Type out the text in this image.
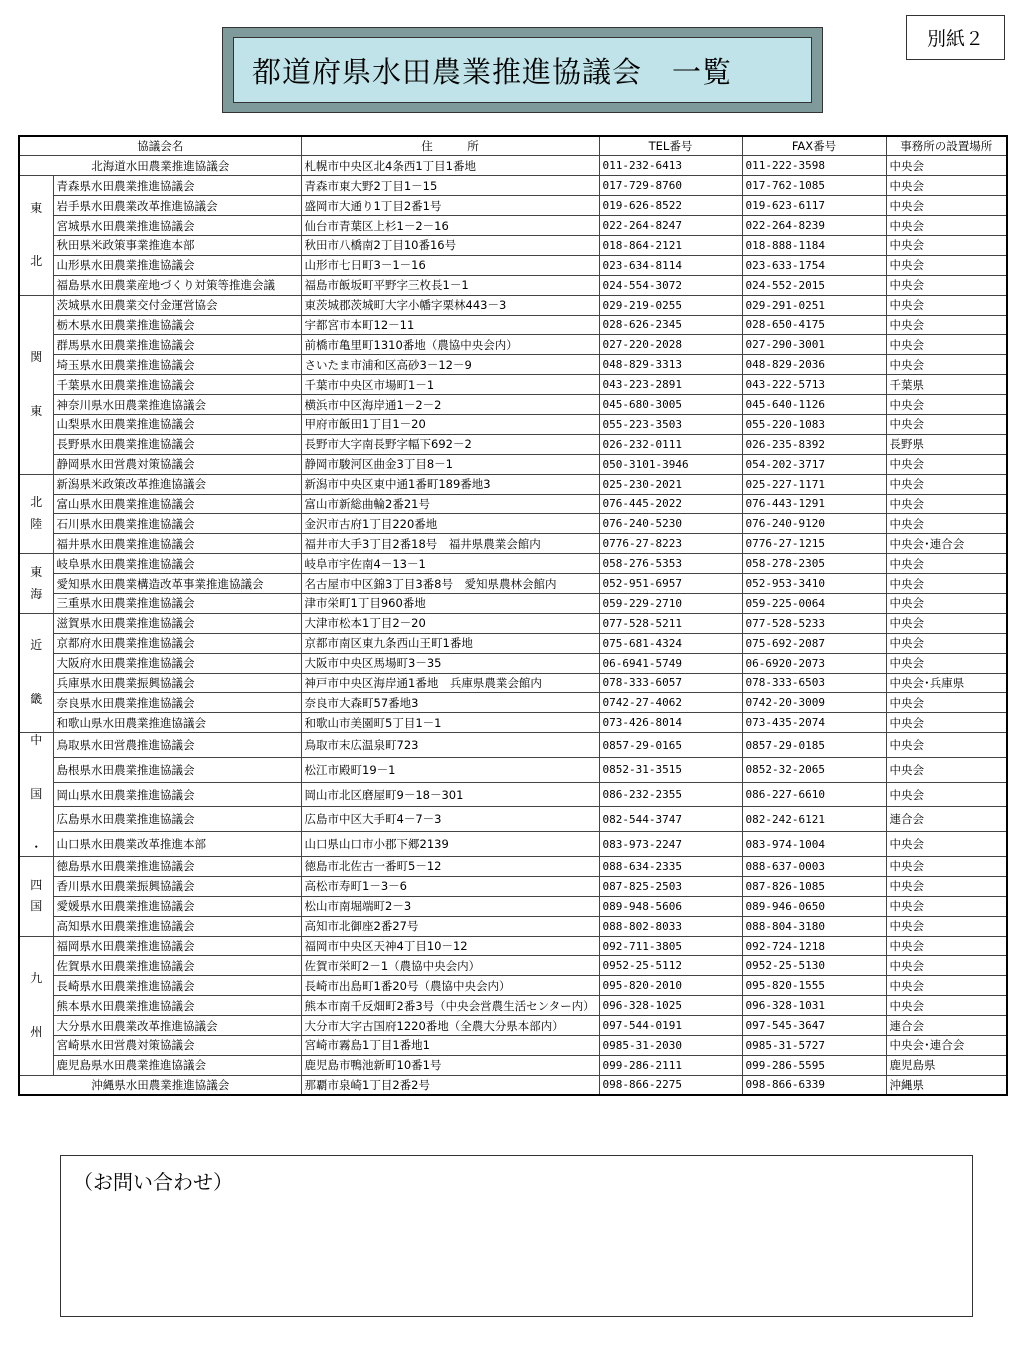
別紙２
都道府県水田農業推進協議会　一覧
協議会名		住　　　所	TEL番号	FAX番号	事務所の設置場所
北海道水田農業推進協議会		札幌市中央区北4条西1丁目1番地	011-232-6413	011-222-3598	中央会

東
北	青森県水田農業推進協議会	青森市東大野2丁目1－15	017-729-8760	017-762-1085	中央会
	岩手県水田農業改革推進協議会	盛岡市大通り1丁目2番1号	019-626-8522	019-623-6117	中央会
	宮城県水田農業推進協議会	仙台市青葉区上杉1－2－16	022-264-8247	022-264-8239	中央会
	秋田県米政策事業推進本部	秋田市八橋南2丁目10番16号	018-864-2121	018-888-1184	中央会
	山形県水田農業推進協議会	山形市七日町3－1－16	023-634-8114	023-633-1754	中央会
	福島県水田農業産地づくり対策等推進会議	福島市飯坂町平野字三枚長1－1	024-554-3072	024-552-2015	中央会

関
東	茨城県水田農業交付金運営協会	東茨城郡茨城町大字小幡字栗林443－3	029-219-0255	029-291-0251	中央会
	栃木県水田農業推進協議会	宇都宮市本町12－11	028-626-2345	028-650-4175	中央会
	群馬県水田農業推進協議会	前橋市亀里町1310番地（農協中央会内）	027-220-2028	027-290-3001	中央会
	埼玉県水田農業推進協議会	さいたま市浦和区高砂3－12－9	048-829-3313	048-829-2036	中央会
	千葉県水田農業推進協議会	千葉市中央区市場町1－1	043-223-2891	043-222-5713	千葉県
	神奈川県水田農業推進協議会	横浜市中区海岸通1－2－2	045-680-3005	045-640-1126	中央会
	山梨県水田農業推進協議会	甲府市飯田1丁目1－20	055-223-3503	055-220-1083	中央会
	長野県水田農業推進協議会	長野市大字南長野字幅下692－2	026-232-0111	026-235-8392	長野県
	静岡県水田営農対策協議会	静岡市駿河区曲金3丁目8－1	050-3101-3946	054-202-3717	中央会

北
陸	新潟県米政策改革推進協議会	新潟市中央区東中通1番町189番地3	025-230-2021	025-227-1171	中央会
	富山県水田農業推進協議会	富山市新総曲輪2番21号	076-445-2022	076-443-1291	中央会
	石川県水田農業推進協議会	金沢市古府1丁目220番地	076-240-5230	076-240-9120	中央会
	福井県水田農業推進協議会	福井市大手3丁目2番18号　福井県農業会館内	0776-27-8223	0776-27-1215	中央会･連合会

東
海	岐阜県水田農業推進協議会	岐阜市宇佐南4－13－1	058-276-5353	058-278-2305	中央会
	愛知県水田農業構造改革事業推進協議会	名古屋市中区錦3丁目3番8号　愛知県農林会館内	052-951-6957	052-953-3410	中央会
	三重県水田農業推進協議会	津市栄町1丁目960番地	059-229-2710	059-225-0064	中央会

近
畿	滋賀県水田農業推進協議会	大津市松本1丁目2－20	077-528-5211	077-528-5233	中央会
	京都府水田農業推進協議会	京都市南区東九条西山王町1番地	075-681-4324	075-692-2087	中央会
	大阪府水田農業推進協議会	大阪市中央区馬場町3－35	06-6941-5749	06-6920-2073	中央会
	兵庫県水田農業振興協議会	神戸市中央区海岸通1番地　兵庫県農業会館内	078-333-6057	078-333-6503	中央会･兵庫県
	奈良県水田農業推進協議会	奈良市大森町57番地3	0742-27-4062	0742-20-3009	中央会
	和歌山県水田農業推進協議会	和歌山市美園町5丁目1－1	073-426-8014	073-435-2074	中央会

中
国
・	鳥取県水田営農推進協議会	鳥取市末広温泉町723	0857-29-0165	0857-29-0185	中央会
	島根県水田農業推進協議会	松江市殿町19－1	0852-31-3515	0852-32-2065	中央会
	岡山県水田農業推進協議会	岡山市北区磨屋町9－18－301	086-232-2355	086-227-6610	中央会
	広島県水田農業推進協議会	広島市中区大手町4－7－3	082-544-3747	082-242-6121	連合会
	山口県水田農業改革推進本部	山口県山口市小郡下郷2139	083-973-2247	083-974-1004	中央会

四
国	徳島県水田農業推進協議会	徳島市北佐古一番町5－12	088-634-2335	088-637-0003	中央会
	香川県水田農業振興協議会	高松市寿町1－3－6	087-825-2503	087-826-1085	中央会
	愛媛県水田農業推進協議会	松山市南堀端町2－3	089-948-5606	089-946-0650	中央会
	高知県水田農業推進協議会	高知市北御座2番27号	088-802-8033	088-804-3180	中央会

九
州	福岡県水田農業推進協議会	福岡市中央区天神4丁目10－12	092-711-3805	092-724-1218	中央会
	佐賀県水田農業推進協議会	佐賀市栄町2－1（農協中央会内）	0952-25-5112	0952-25-5130	中央会
	長崎県水田農業推進協議会	長崎市出島町1番20号（農協中央会内）	095-820-2010	095-820-1555	中央会
	熊本県水田農業推進協議会	熊本市南千反畑町2番3号（中央会営農生活センター内）	096-328-1025	096-328-1031	中央会
	大分県水田農業改革推進協議会	大分市大字古国府1220番地（全農大分県本部内）	097-544-0191	097-545-3647	連合会
	宮崎県水田営農対策協議会	宮崎市霧島1丁目1番地1	0985-31-2030	0985-31-5727	中央会･連合会
	鹿児島県水田農業推進協議会	鹿児島市鴨池新町10番1号	099-286-2111	099-286-5595	鹿児島県
沖縄県水田農業推進協議会		那覇市泉崎1丁目2番2号	098-866-2275	098-866-6339	沖縄県
（お問い合わせ）
